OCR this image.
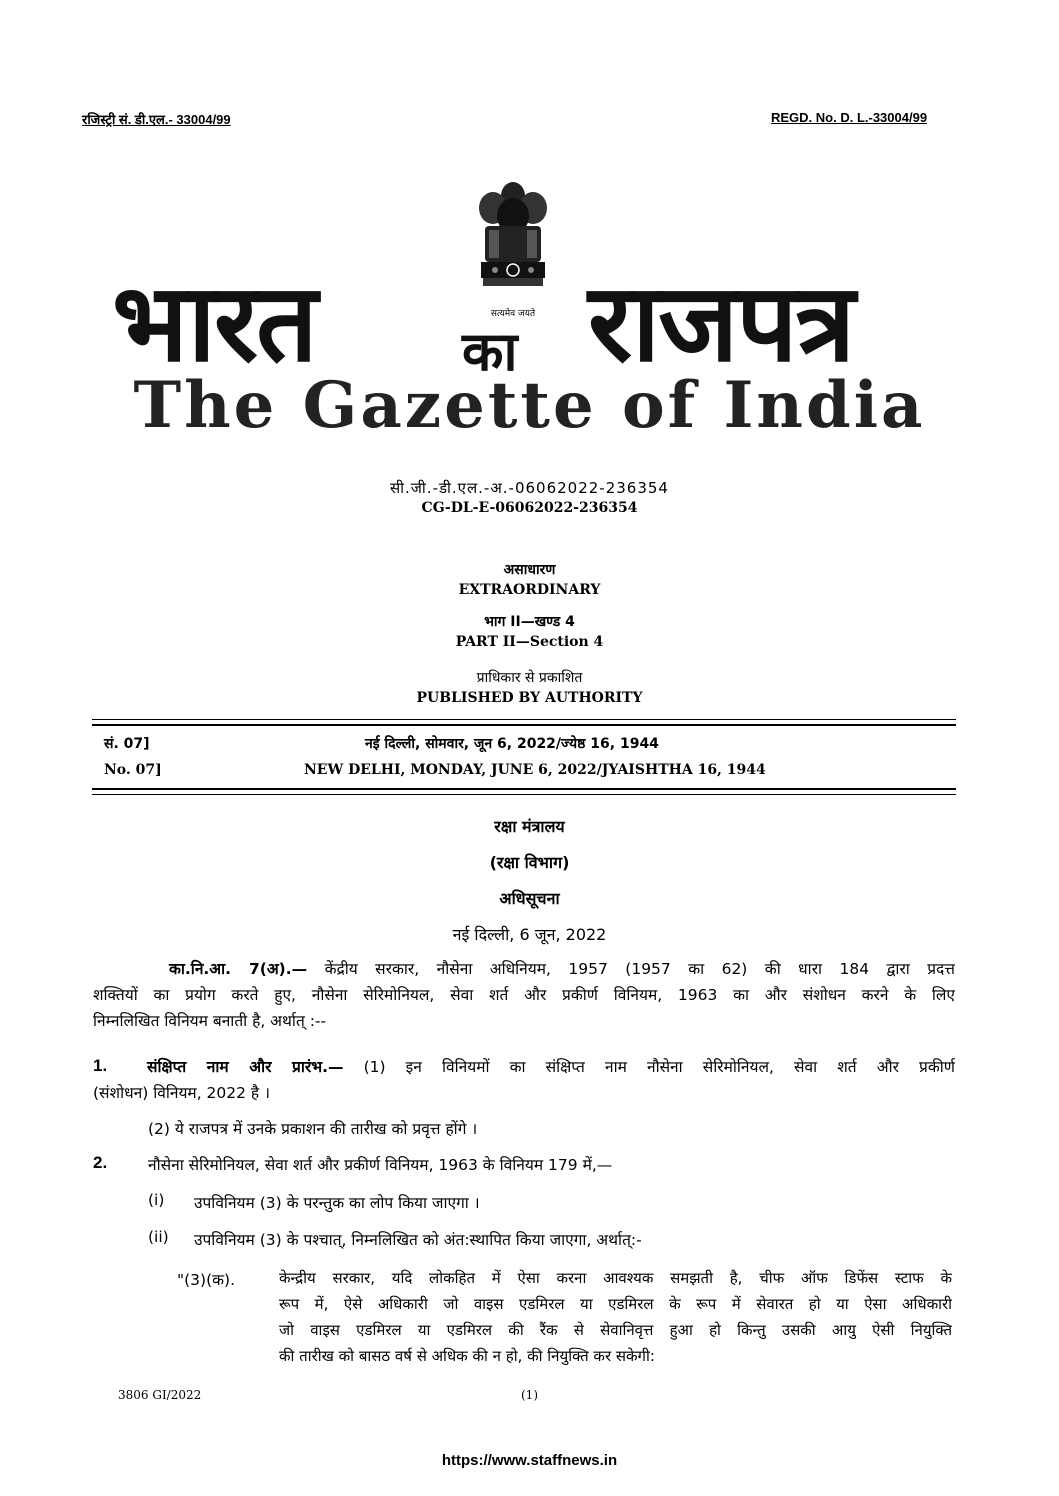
रजिस्ट्री सं. डी.एल.- 33004/99	REGD. No. D. L.-33004/99
सत्यमेव जयते
भारत	का राजपत्र
The Gazette of India
सी.जी.-डी.एल.-अ.-06062022-236354
CG-DL-E-06062022-236354
असाधारण
EXTRAORDINARY
भाग II—खण्ड 4
PART II—Section 4
प्राधिकार से प्रकाशित
PUBLISHED BY AUTHORITY
सं. 07]	नई दिल्ली, सोमवार, जून 6, 2022/ज्येष्ठ 16, 1944
No. 07]	NEW DELHI, MONDAY, JUNE 6, 2022/JYAISHTHA 16, 1944
रक्षा मंत्रालय
(रक्षा विभाग)
अधिसूचना
नई दिल्ली, 6 जून, 2022
का.नि.आ. 7(अ).— केंद्रीय सरकार, नौसेना अधिनियम, 1957 (1957 का 62) की धारा 184 द्वारा प्रदत्त
शक्तियों का प्रयोग करते हुए, नौसेना सेरिमोनियल, सेवा शर्त और प्रकीर्ण विनियम, 1963 का और संशोधन करने के लिए
निम्नलिखित विनियम बनाती है, अर्थात् :--
1.	संक्षिप्त नाम और प्रारंभ.— (1) इन विनियमों का संक्षिप्त नाम नौसेना सेरिमोनियल, सेवा शर्त और प्रकीर्ण
(संशोधन) विनियम, 2022 है ।
(2) ये राजपत्र में उनके प्रकाशन की तारीख को प्रवृत्त होंगे ।
2.	नौसेना सेरिमोनियल, सेवा शर्त और प्रकीर्ण विनियम, 1963 के विनियम 179 में,—
(i) उपविनियम (3) के परन्तुक का लोप किया जाएगा ।
(ii) उपविनियम (3) के पश्चात्, निम्नलिखित को अंत:स्थापित किया जाएगा, अर्थात्:-
"(3)(क).	केन्द्रीय सरकार, यदि लोकहित में ऐसा करना आवश्यक समझती है, चीफ ऑफ डिफेंस स्टाफ के
रूप में, ऐसे अधिकारी जो वाइस एडमिरल या एडमिरल के रूप में सेवारत हो या ऐसा अधिकारी
जो वाइस एडमिरल या एडमिरल की रैंक से सेवानिवृत्त हुआ हो किन्तु उसकी आयु ऐसी नियुक्ति
की तारीख को बासठ वर्ष से अधिक की न हो, की नियुक्ति कर सकेगी:
3806 GI/2022	(1)
https://www.staffnews.in
